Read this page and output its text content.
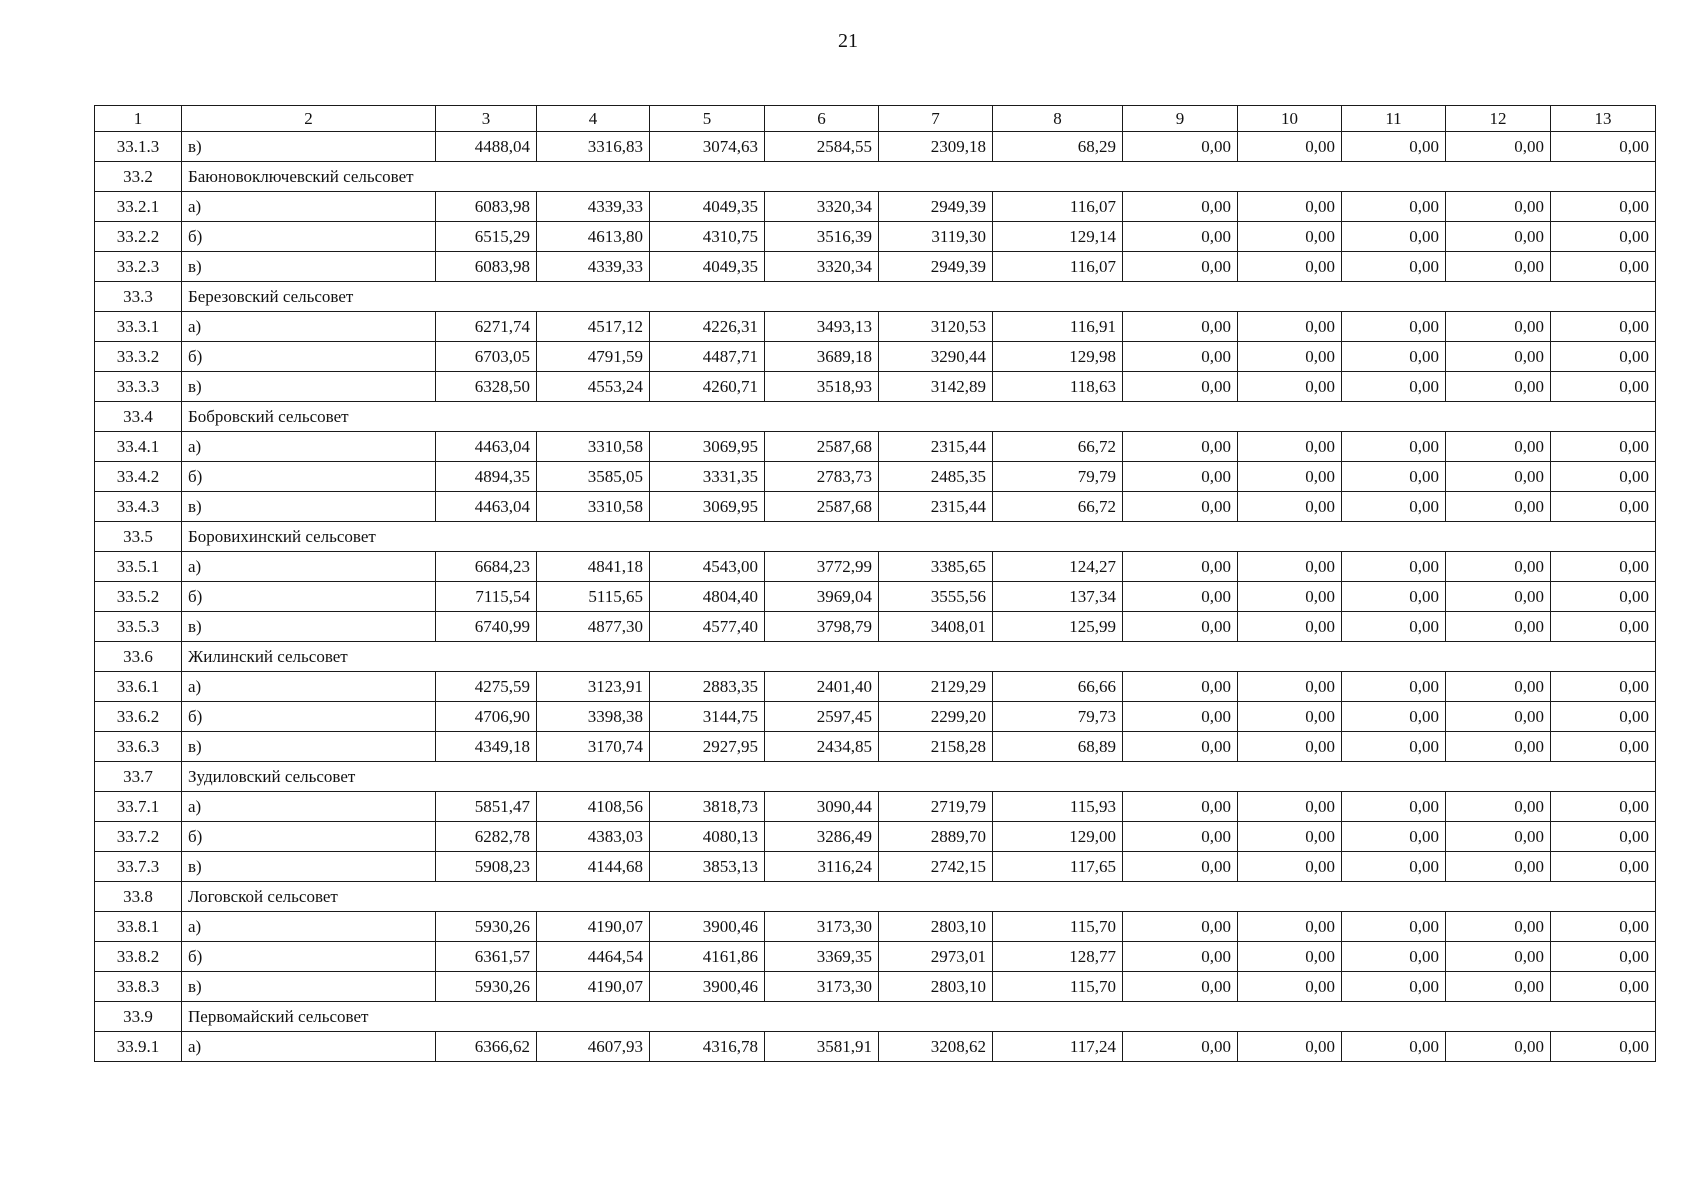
21
1	2	3	4	5	6	7	8	9	10	11	12	13
33.1.3	в)	4488,04	3316,83	3074,63	2584,55	2309,18	68,29	0,00	0,00	0,00	0,00	0,00
33.2	Баюновоключевский сельсовет											
33.2.1	а)	6083,98	4339,33	4049,35	3320,34	2949,39	116,07	0,00	0,00	0,00	0,00	0,00
33.2.2	б)	6515,29	4613,80	4310,75	3516,39	3119,30	129,14	0,00	0,00	0,00	0,00	0,00
33.2.3	в)	6083,98	4339,33	4049,35	3320,34	2949,39	116,07	0,00	0,00	0,00	0,00	0,00
33.3	Березовский сельсовет											
33.3.1	а)	6271,74	4517,12	4226,31	3493,13	3120,53	116,91	0,00	0,00	0,00	0,00	0,00
33.3.2	б)	6703,05	4791,59	4487,71	3689,18	3290,44	129,98	0,00	0,00	0,00	0,00	0,00
33.3.3	в)	6328,50	4553,24	4260,71	3518,93	3142,89	118,63	0,00	0,00	0,00	0,00	0,00
33.4	Бобровский сельсовет											
33.4.1	а)	4463,04	3310,58	3069,95	2587,68	2315,44	66,72	0,00	0,00	0,00	0,00	0,00
33.4.2	б)	4894,35	3585,05	3331,35	2783,73	2485,35	79,79	0,00	0,00	0,00	0,00	0,00
33.4.3	в)	4463,04	3310,58	3069,95	2587,68	2315,44	66,72	0,00	0,00	0,00	0,00	0,00
33.5	Боровихинский сельсовет											
33.5.1	а)	6684,23	4841,18	4543,00	3772,99	3385,65	124,27	0,00	0,00	0,00	0,00	0,00
33.5.2	б)	7115,54	5115,65	4804,40	3969,04	3555,56	137,34	0,00	0,00	0,00	0,00	0,00
33.5.3	в)	6740,99	4877,30	4577,40	3798,79	3408,01	125,99	0,00	0,00	0,00	0,00	0,00
33.6	Жилинский сельсовет											
33.6.1	а)	4275,59	3123,91	2883,35	2401,40	2129,29	66,66	0,00	0,00	0,00	0,00	0,00
33.6.2	б)	4706,90	3398,38	3144,75	2597,45	2299,20	79,73	0,00	0,00	0,00	0,00	0,00
33.6.3	в)	4349,18	3170,74	2927,95	2434,85	2158,28	68,89	0,00	0,00	0,00	0,00	0,00
33.7	Зудиловский сельсовет											
33.7.1	а)	5851,47	4108,56	3818,73	3090,44	2719,79	115,93	0,00	0,00	0,00	0,00	0,00
33.7.2	б)	6282,78	4383,03	4080,13	3286,49	2889,70	129,00	0,00	0,00	0,00	0,00	0,00
33.7.3	в)	5908,23	4144,68	3853,13	3116,24	2742,15	117,65	0,00	0,00	0,00	0,00	0,00
33.8	Логовской сельсовет											
33.8.1	а)	5930,26	4190,07	3900,46	3173,30	2803,10	115,70	0,00	0,00	0,00	0,00	0,00
33.8.2	б)	6361,57	4464,54	4161,86	3369,35	2973,01	128,77	0,00	0,00	0,00	0,00	0,00
33.8.3	в)	5930,26	4190,07	3900,46	3173,30	2803,10	115,70	0,00	0,00	0,00	0,00	0,00
33.9	Первомайский сельсовет											
33.9.1	а)	6366,62	4607,93	4316,78	3581,91	3208,62	117,24	0,00	0,00	0,00	0,00	0,00
